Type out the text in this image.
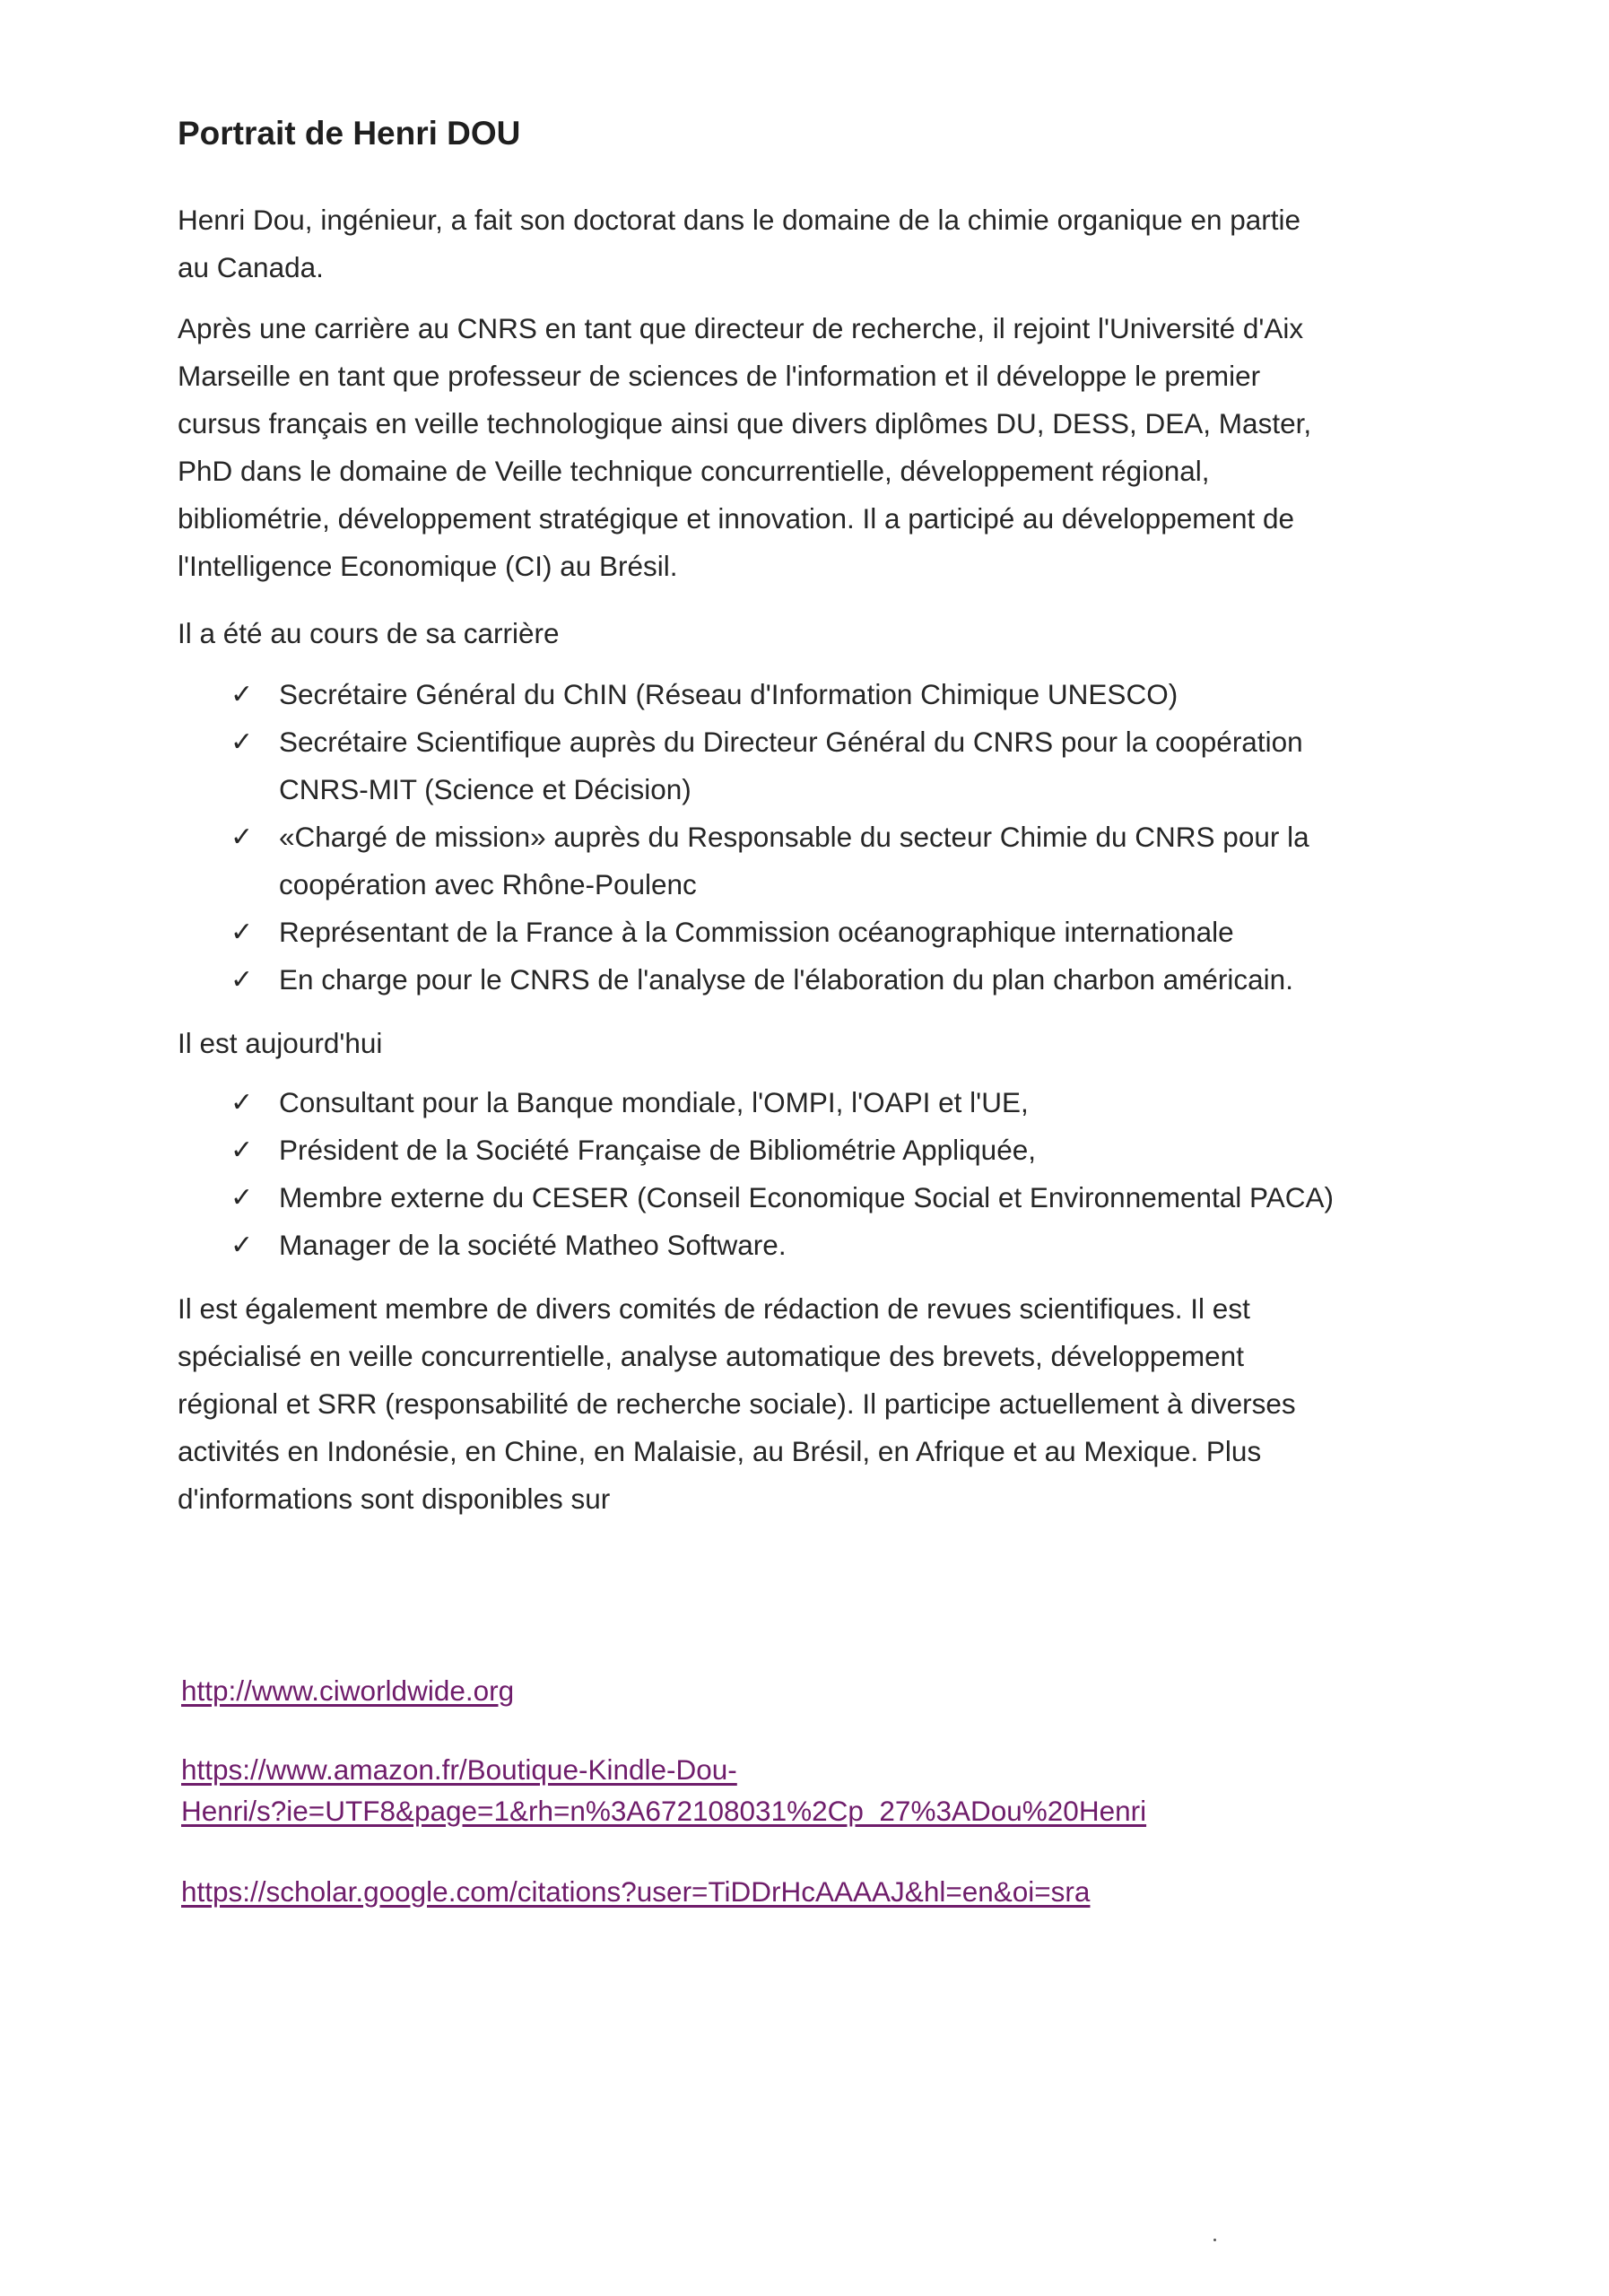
Portrait de Henri DOU

Henri Dou, ingénieur, a fait son doctorat dans le domaine de la chimie organique en partie
au Canada.

Après une carrière au CNRS en tant que directeur de recherche, il rejoint l'Université d'Aix
Marseille en tant que professeur de sciences de l'information et il développe le premier
cursus français en veille technologique ainsi que divers diplômes DU, DESS, DEA, Master,
PhD dans le domaine de Veille technique concurrentielle, développement régional,
bibliométrie, développement stratégique et innovation. Il a participé au développement de
l'Intelligence Economique (CI) au Brésil.

Il a été au cours de sa carrière

✓ Secrétaire Général du ChIN (Réseau d'Information Chimique UNESCO)
✓ Secrétaire Scientifique auprès du Directeur Général du CNRS pour la coopération
CNRS-MIT (Science et Décision)
✓ «Chargé de mission» auprès du Responsable du secteur Chimie du CNRS pour la
coopération avec Rhône-Poulenc
✓ Représentant de la France à la Commission océanographique internationale
✓ En charge pour le CNRS de l'analyse de l'élaboration du plan charbon américain.

Il est aujourd'hui

✓ Consultant pour la Banque mondiale, l'OMPI, l'OAPI et l'UE,
✓ Président de la Société Française de Bibliométrie Appliquée,
✓ Membre externe du CESER (Conseil Economique Social et Environnemental PACA)
✓ Manager de la société Matheo Software.

Il est également membre de divers comités de rédaction de revues scientifiques. Il est
spécialisé en veille concurrentielle, analyse automatique des brevets, développement
régional et SRR (responsabilité de recherche sociale). Il participe actuellement à diverses
activités en Indonésie, en Chine, en Malaisie, au Brésil, en Afrique et au Mexique. Plus
d'informations sont disponibles sur

http://www.ciworldwide.org
https://www.amazon.fr/Boutique-Kindle-Dou-
Henri/s?ie=UTF8&page=1&rh=n%3A672108031%2Cp_27%3ADou%20Henri
https://scholar.google.com/citations?user=TiDDrHcAAAAJ&hl=en&oi=sra
